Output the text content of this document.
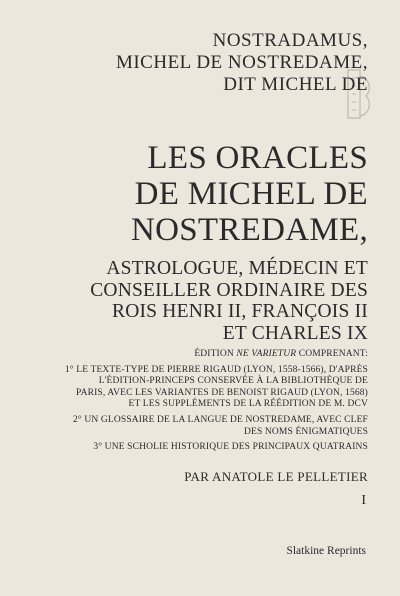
NOSTRADAMUS,
MICHEL DE NOSTREDAME,
DIT MICHEL DE
LES ORACLES
DE MICHEL DE
NOSTREDAME,
ASTROLOGUE, MÉDECIN ET
CONSEILLER ORDINAIRE DES
ROIS HENRI II, FRANÇOIS II
ET CHARLES IX
ÉDITION NE VARIETUR COMPRENANT:
1° LE TEXTE-TYPE DE PIERRE RIGAUD (LYON, 1558-1566), D'APRÈS
L'ÉDITION-PRINCEPS CONSERVÉE À LA BIBLIOTHÈQUE DE
PARIS, AVEC LES VARIANTES DE BENOIST RIGAUD (LYON, 1568)
ET LES SUPPLÉMENTS DE LA RÉÉDITION DE M. DCV
2° UN GLOSSAIRE DE LA LANGUE DE NOSTREDAME, AVEC CLEF
DES NOMS ÉNIGMATIQUES
3° UNE SCHOLIE HISTORIQUE DES PRINCIPAUX QUATRAINS
PAR ANATOLE LE PELLETIER
I
Slatkine Reprints
